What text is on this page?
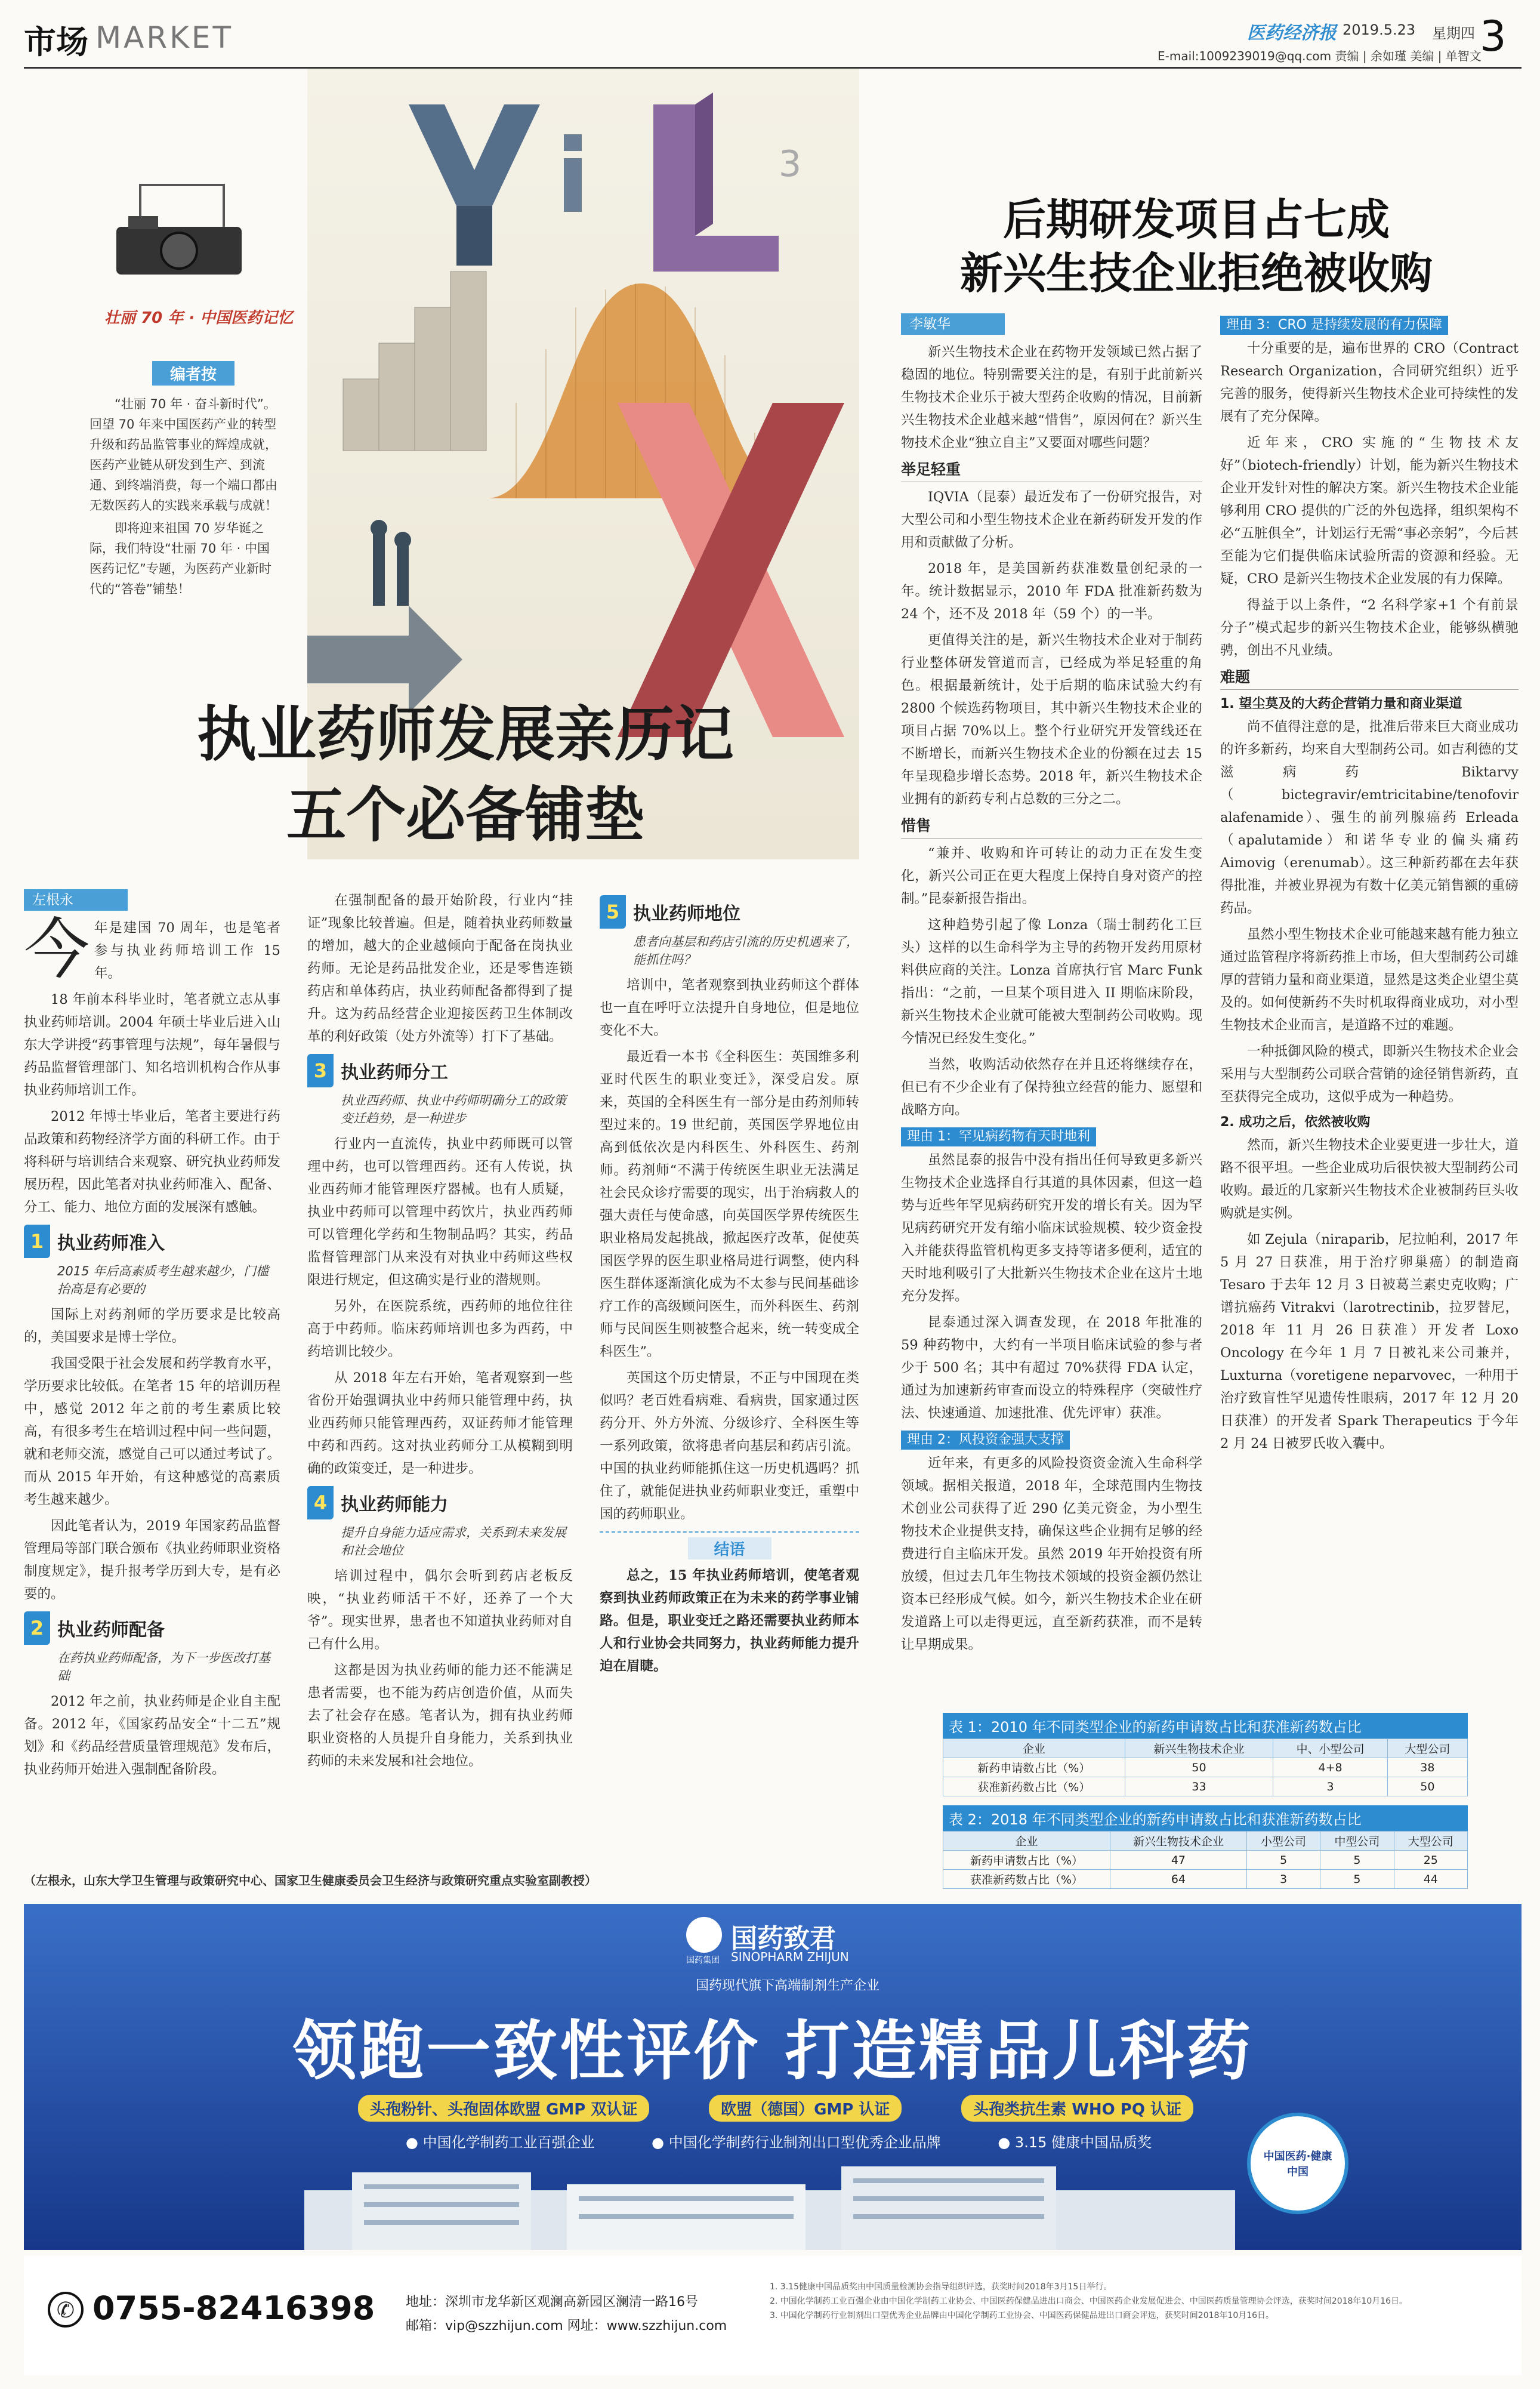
市场 MARKET	医药经济报 2019.5.23 星期四 3
E-mail:1009239019@qq.com 责编 | 余如瑾 美编 | 单智文
3
壮丽 70 年 · 中国医药记忆
编者按

“壮丽 70 年 · 奋斗新时代”。回望 70 年来中国医药产业的转型升级和药品监管事业的辉煌成就，医药产业链从研发到生产、到流通、到终端消费，每一个端口都由无数医药人的实践来承载与成就！

即将迎来祖国 70 岁华诞之际，我们特设“壮丽 70 年 · 中国医药记忆”专题，为医药产业新时代的“答卷”铺垫！

执业药师发展亲历记
五个必备铺垫
后期研发项目占七成
新兴生技企业拒绝被收购
左根永
今 年是建国 70 周年，也是笔者参与执业药师培训工作 15 年。

18 年前本科毕业时，笔者就立志从事执业药师培训。2004 年硕士毕业后进入山东大学讲授“药事管理与法规”，每年暑假与药品监督管理部门、知名培训机构合作从事执业药师培训工作。

2012 年博士毕业后，笔者主要进行药品政策和药物经济学方面的科研工作。由于将科研与培训结合来观察、研究执业药师发展历程，因此笔者对执业药师准入、配备、分工、能力、地位方面的发展深有感触。

1 执业药师准入
2015 年后高素质考生越来越少，门槛抬高是有必要的

国际上对药剂师的学历要求是比较高的，美国要求是博士学位。

我国受限于社会发展和药学教育水平，学历要求比较低。在笔者 15 年的培训历程中，感觉 2012 年之前的考生素质比较高，有很多考生在培训过程中问一些问题，就和老师交流，感觉自己可以通过考试了。而从 2015 年开始，有这种感觉的高素质考生越来越少。

因此笔者认为，2019 年国家药品监督管理局等部门联合颁布《执业药师职业资格制度规定》，提升报考学历到大专，是有必要的。

2 执业药师配备
在药执业药师配备，为下一步医改打基础

2012 年之前，执业药师是企业自主配备。2012 年，《国家药品安全“十二五”规划》和《药品经营质量管理规范》发布后，执业药师开始进入强制配备阶段。

在强制配备的最开始阶段，行业内“挂证”现象比较普遍。但是，随着执业药师数量的增加，越大的企业越倾向于配备在岗执业药师。无论是药品批发企业，还是零售连锁药店和单体药店，执业药师配备都得到了提升。这为药品经营企业迎接医药卫生体制改革的利好政策（处方外流等）打下了基础。

3 执业药师分工
执业西药师、执业中药师明确分工的政策变迁趋势，是一种进步

行业内一直流传，执业中药师既可以管理中药，也可以管理西药。还有人传说，执业西药师才能管理医疗器械。也有人质疑，执业中药师可以管理中药饮片，执业西药师可以管理化学药和生物制品吗？其实，药品监督管理部门从来没有对执业中药师这些权限进行规定，但这确实是行业的潜规则。

另外，在医院系统，西药师的地位往往高于中药师。临床药师培训也多为西药，中药培训比较少。

从 2018 年左右开始，笔者观察到一些省份开始强调执业中药师只能管理中药，执业西药师只能管理西药，双证药师才能管理中药和西药。这对执业药师分工从模糊到明确的政策变迁，是一种进步。

4 执业药师能力
提升自身能力适应需求，关系到未来发展和社会地位

培训过程中，偶尔会听到药店老板反映，“执业药师活干不好，还养了一个大爷”。现实世界，患者也不知道执业药师对自己有什么用。

这都是因为执业药师的能力还不能满足患者需要，也不能为药店创造价值，从而失去了社会存在感。笔者认为，拥有执业药师职业资格的人员提升自身能力，关系到执业药师的未来发展和社会地位。

5 执业药师地位
患者向基层和药店引流的历史机遇来了，能抓住吗？

培训中，笔者观察到执业药师这个群体也一直在呼吁立法提升自身地位，但是地位变化不大。

最近看一本书《全科医生：英国维多利亚时代医生的职业变迁》，深受启发。原来，英国的全科医生有一部分是由药剂师转型过来的。19 世纪前，英国医学界地位由高到低依次是内科医生、外科医生、药剂师。药剂师“不满于传统医生职业无法满足社会民众诊疗需要的现实，出于治病救人的强大责任与使命感，向英国医学界传统医生职业格局发起挑战，掀起医疗改革，促使英国医学界的医生职业格局进行调整，使内科医生群体逐渐演化成为不太参与民间基础诊疗工作的高级顾问医生，而外科医生、药剂师与民间医生则被整合起来，统一转变成全科医生”。

英国这个历史情景，不正与中国现在类似吗？老百姓看病难、看病贵，国家通过医药分开、外方外流、分级诊疗、全科医生等一系列政策，欲将患者向基层和药店引流。中国的执业药师能抓住这一历史机遇吗？抓住了，就能促进执业药师职业变迁，重塑中国的药师职业。

结语

总之，15 年执业药师培训，使笔者观察到执业药师政策正在为未来的药学事业铺路。但是，职业变迁之路还需要执业药师本人和行业协会共同努力，执业药师能力提升迫在眉睫。

（左根永，山东大学卫生管理与政策研究中心、国家卫生健康委员会卫生经济与政策研究重点实验室副教授）
李敏华

新兴生物技术企业在药物开发领域已然占据了稳固的地位。特别需要关注的是，有别于此前新兴生物技术企业乐于被大型药企收购的情况，目前新兴生物技术企业越来越“惜售”，原因何在？新兴生物技术企业“独立自主”又要面对哪些问题？

举足轻重

IQVIA（昆泰）最近发布了一份研究报告，对大型公司和小型生物技术企业在新药研发开发的作用和贡献做了分析。

2018 年，是美国新药获准数量创纪录的一年。统计数据显示，2010 年 FDA 批准新药数为 24 个，还不及 2018 年（59 个）的一半。

更值得关注的是，新兴生物技术企业对于制药行业整体研发管道而言，已经成为举足轻重的角色。根据最新统计，处于后期的临床试验大约有 2800 个候选药物项目，其中新兴生物技术企业的项目占据 70%以上。整个行业研究开发管线还在不断增长，而新兴生物技术企业的份额在过去 15 年呈现稳步增长态势。2018 年，新兴生物技术企业拥有的新药专利占总数的三分之二。

惜售

“兼并、收购和许可转让的动力正在发生变化，新兴公司正在更大程度上保持自身对资产的控制。”昆泰新报告指出。

这种趋势引起了像 Lonza（瑞士制药化工巨头）这样的以生命科学为主导的药物开发药用原材料供应商的关注。Lonza 首席执行官 Marc Funk 指出：“之前，一旦某个项目进入 II 期临床阶段，新兴生物技术企业就可能被大型制药公司收购。现今情况已经发生变化。”

当然，收购活动依然存在并且还将继续存在，但已有不少企业有了保持独立经营的能力、愿望和战略方向。

理由 1：罕见病药物有天时地利

虽然昆泰的报告中没有指出任何导致更多新兴生物技术企业选择自行其道的具体因素，但这一趋势与近些年罕见病药研究开发的增长有关。因为罕见病药研究开发有缩小临床试验规模、较少资金投入并能获得监管机构更多支持等诸多便利，适宜的天时地利吸引了大批新兴生物技术企业在这片土地充分发挥。

昆泰通过深入调查发现，在 2018 年批准的 59 种药物中，大约有一半项目临床试验的参与者少于 500 名；其中有超过 70%获得 FDA 认定，通过为加速新药审查而设立的特殊程序（突破性疗法、快速通道、加速批准、优先评审）获准。

理由 2：风投资金强大支撑

近年来，有更多的风险投资资金流入生命科学领域。据相关报道，2018 年，全球范围内生物技术创业公司获得了近 290 亿美元资金，为小型生物技术企业提供支持，确保这些企业拥有足够的经费进行自主临床开发。虽然 2019 年开始投资有所放缓，但过去几年生物技术领域的投资金额仍然让资本已经形成气候。如今，新兴生物技术企业在研发道路上可以走得更远，直至新药获准，而不是转让早期成果。

理由 3：CRO 是持续发展的有力保障

十分重要的是，遍布世界的 CRO（Contract Research Organization，合同研究组织）近乎完善的服务，使得新兴生物技术企业可持续性的发展有了充分保障。

近年来，CRO 实施的“生物技术友好”（biotech-friendly）计划，能为新兴生物技术企业开发针对性的解决方案。新兴生物技术企业能够利用 CRO 提供的广泛的外包选择，组织架构不必“五脏俱全”，计划运行无需“事必亲躬”，今后甚至能为它们提供临床试验所需的资源和经验。无疑，CRO 是新兴生物技术企业发展的有力保障。

得益于以上条件，“2 名科学家+1 个有前景分子”模式起步的新兴生物技术企业，能够纵横驰骋，创出不凡业绩。

难题
1. 望尘莫及的大药企营销力量和商业渠道

尚不值得注意的是，批准后带来巨大商业成功的许多新药，均来自大型制药公司。如吉利德的艾滋病药 Biktarvy（bictegravir/emtricitabine/tenofovir alafenamide）、强生的前列腺癌药 Erleada（apalutamide）和诺华专业的偏头痛药 Aimovig（erenumab）。这三种新药都在去年获得批准，并被业界视为有数十亿美元销售额的重磅药品。

虽然小型生物技术企业可能越来越有能力独立通过监管程序将新药推上市场，但大型制药公司雄厚的营销力量和商业渠道，显然是这类企业望尘莫及的。如何使新药不失时机取得商业成功，对小型生物技术企业而言，是道路不过的难题。

一种抵御风险的模式，即新兴生物技术企业会采用与大型制药公司联合营销的途径销售新药，直至获得完全成功，这似乎成为一种趋势。

2. 成功之后，依然被收购

然而，新兴生物技术企业要更进一步壮大，道路不很平坦。一些企业成功后很快被大型制药公司收购。最近的几家新兴生物技术企业被制药巨头收购就是实例。

如 Zejula（niraparib，尼拉帕利，2017 年 5 月 27 日获准，用于治疗卵巢癌）的制造商 Tesaro 于去年 12 月 3 日被葛兰素史克收购；广谱抗癌药 Vitrakvi（larotrectinib，拉罗替尼，2018 年 11 月 26 日获准）开发者 Loxo Oncology 在今年 1 月 7 日被礼来公司兼并，Luxturna（voretigene neparvovec，一种用于治疗致盲性罕见遗传性眼病，2017 年 12 月 20 日获准）的开发者 Spark Therapeutics 于今年 2 月 24 日被罗氏收入囊中。

表 1：2010 年不同类型企业的新药申请数占比和获准新药数占比
企业	新兴生物技术企业	中、小型公司	大型公司
新药申请数占比（%）	50	4+8	38
获准新药数占比（%）	33	3	50
表 2：2018 年不同类型企业的新药申请数占比和获准新药数占比
企业	新兴生物技术企业	小型公司	中型公司	大型公司
新药申请数占比（%）	47	5	5	25
获准新药数占比（%）	64	3	5	44
国药集团
国药致君
SINOPHARM ZHIJUN
国药现代旗下高端制剂生产企业
领跑一致性评价 打造精品儿科药
头孢粉针、头孢固体欧盟 GMP 双认证	欧盟（德国）GMP 认证	头孢类抗生素 WHO PQ 认证
● 中国化学制药工业百强企业	● 中国化学制药行业制剂出口型优秀企业品牌	● 3.15 健康中国品质奖
中国医药·健康中国
✆ 0755-82416398 地址：深圳市龙华新区观澜高新园区澜清一路16号
邮箱：vip@szzhijun.com 网址：www.szzhijun.com
1. 3.15健康中国品质奖由中国质量检测协会指导组织评选，获奖时间2018年3月15日举行。
2. 中国化学制药工业百强企业由中国化学制药工业协会、中国医药保健品进出口商会、中国医药企业发展促进会、中国医药质量管理协会评选，获奖时间2018年10月16日。
3. 中国化学制药行业制剂出口型优秀企业品牌由中国化学制药工业协会、中国医药保健品进出口商会评选，获奖时间2018年10月16日。
